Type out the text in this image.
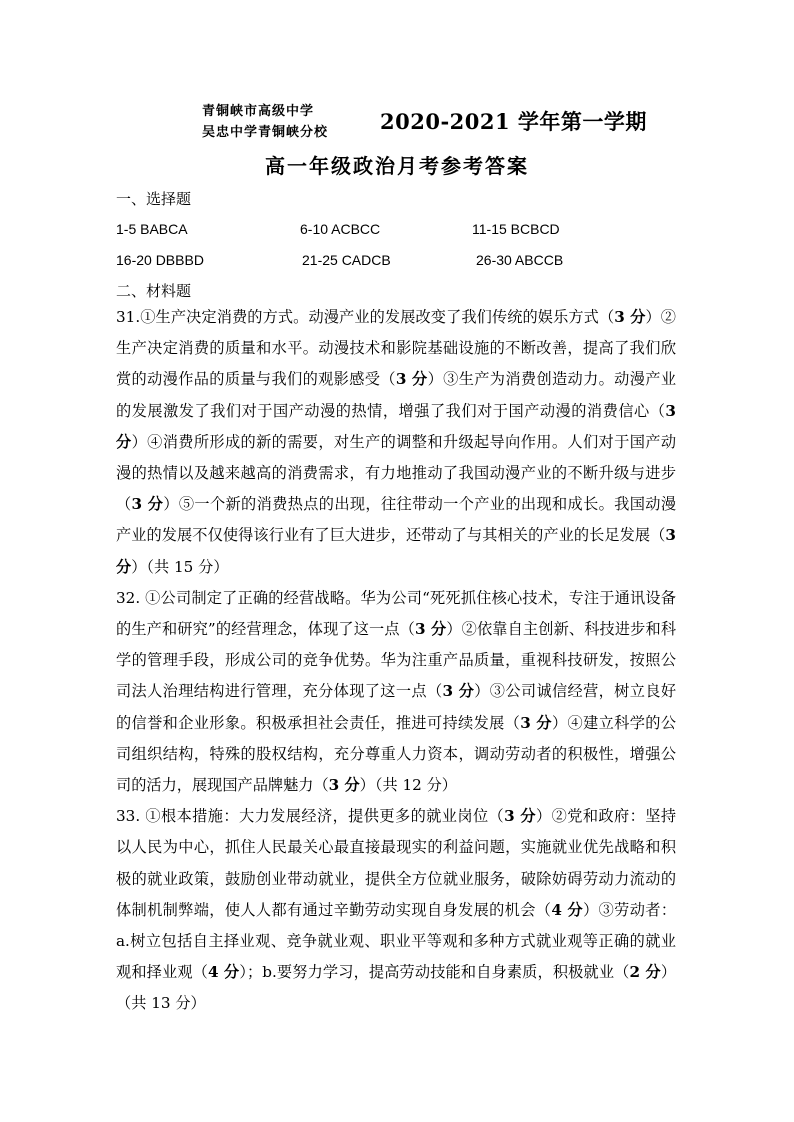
青铜峡市高级中学
吴忠中学青铜峡分校 2020-2021 学年第一学期
高一年级政治月考参考答案
一、选择题
1-5 BABCA	6-10 ACBCC	11-15 BCBCD
16-20 DBBBD	21-25 CADCB	26-30 ABCCB
二、材料题

31.①生产决定消费的方式。动漫产业的发展改变了我们传统的娱乐方式（3 分）②生产决定消费的质量和水平。动漫技术和影院基础设施的不断改善，提高了我们欣赏的动漫作品的质量与我们的观影感受（3 分）③生产为消费创造动力。动漫产业的发展激发了我们对于国产动漫的热情，增强了我们对于国产动漫的消费信心（3 分）④消费所形成的新的需要，对生产的调整和升级起导向作用。人们对于国产动漫的热情以及越来越高的消费需求，有力地推动了我国动漫产业的不断升级与进步（3 分）⑤一个新的消费热点的出现，往往带动一个产业的出现和成长。我国动漫产业的发展不仅使得该行业有了巨大进步，还带动了与其相关的产业的长足发展（3 分）（共 15 分）

32. ①公司制定了正确的经营战略。华为公司“死死抓住核心技术，专注于通讯设备的生产和研究”的经营理念，体现了这一点（3 分）②依靠自主创新、科技进步和科学的管理手段，形成公司的竞争优势。华为注重产品质量，重视科技研发，按照公司法人治理结构进行管理，充分体现了这一点（3 分）③公司诚信经营，树立良好的信誉和企业形象。积极承担社会责任，推进可持续发展（3 分）④建立科学的公司组织结构，特殊的股权结构，充分尊重人力资本，调动劳动者的积极性，增强公司的活力，展现国产品牌魅力（3 分）（共 12 分）

33. ①根本措施：大力发展经济，提供更多的就业岗位（3 分）②党和政府：坚持以人民为中心，抓住人民最关心最直接最现实的利益问题，实施就业优先战略和积极的就业政策，鼓励创业带动就业，提供全方位就业服务，破除妨碍劳动力流动的体制机制弊端，使人人都有通过辛勤劳动实现自身发展的机会（4 分）③劳动者：a.树立包括自主择业观、竞争就业观、职业平等观和多种方式就业观等正确的就业观和择业观（4 分）；b.要努力学习，提高劳动技能和自身素质，积极就业（2 分）（共 13 分）
